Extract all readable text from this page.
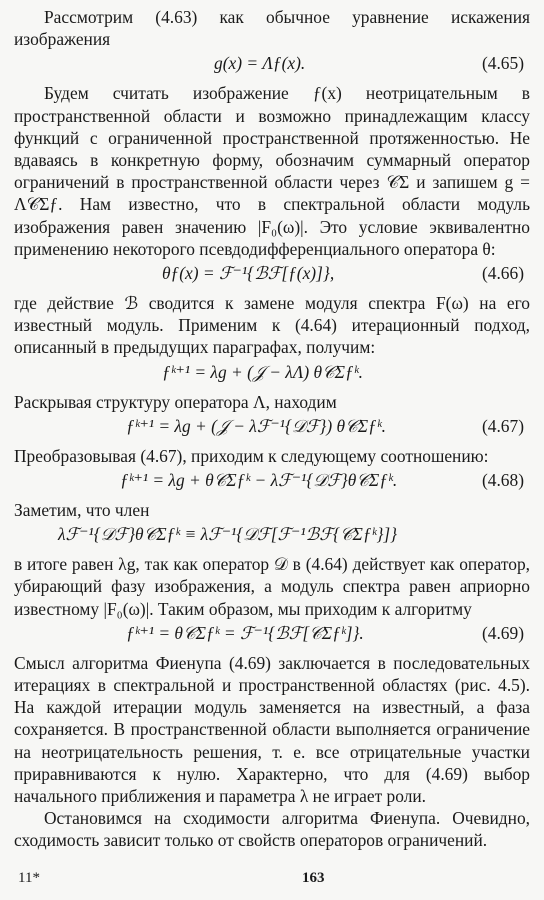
Рассмотрим (4.63) как обычное уравнение искажения изображения

g(x) = Λƒ(x).	(4.65)

Будем считать изображение ƒ(x) неотрицательным в пространственной области и возможно принадлежащим классу функций с ограниченной пространственной протяженностью. Не вдаваясь в конкретную форму, обозначим суммарный оператор ограничений в пространственной области через 𝒞Σ и запишем g = Λ𝒞Σƒ. Нам известно, что в спектральной области модуль изображения равен значению |F₀(ω)|. Это условие эквивалентно применению некоторого псевдодифференциального оператора θ:

θƒ(x) = ℱ⁻¹{ℬℱ[ƒ(x)]},	(4.66)

где действие ℬ сводится к замене модуля спектра F(ω) на его известный модуль. Применим к (4.64) итерационный подход, описанный в предыдущих параграфах, получим:

ƒᵏ⁺¹ = λg + (𝒥 − λΛ) θ𝒞Σƒᵏ.

Раскрывая структуру оператора Λ, находим

ƒᵏ⁺¹ = λg + (𝒥 − λℱ⁻¹{𝒟ℱ}) θ𝒞Σƒᵏ.	(4.67)

Преобразовывая (4.67), приходим к следующему соотношению:

ƒᵏ⁺¹ = λg + θ𝒞Σƒᵏ − λℱ⁻¹{𝒟ℱ}θ𝒞Σƒᵏ.	(4.68)

Заметим, что член

λℱ⁻¹{𝒟ℱ}θ𝒞Σƒᵏ ≡ λℱ⁻¹{𝒟ℱ[ℱ⁻¹ℬℱ{𝒞Σƒᵏ}]}

в итоге равен λg, так как оператор 𝒟 в (4.64) действует как оператор, убирающий фазу изображения, а модуль спектра равен априорно известному |F₀(ω)|. Таким образом, мы приходим к алгоритму

ƒᵏ⁺¹ = θ𝒞Σƒᵏ = ℱ⁻¹{ℬℱ[𝒞Σƒᵏ]}.	(4.69)

Смысл алгоритма Фиенупа (4.69) заключается в последовательных итерациях в спектральной и пространственной областях (рис. 4.5). На каждой итерации модуль заменяется на известный, а фаза сохраняется. В пространственной области выполняется ограничение на неотрицательность решения, т. е. все отрицательные участки приравниваются к нулю. Характерно, что для (4.69) выбор начального приближения и параметра λ не играет роли.

Остановимся на сходимости алгоритма Фиенупа. Очевидно, сходимость зависит только от свойств операторов ограничений.

11*	163
